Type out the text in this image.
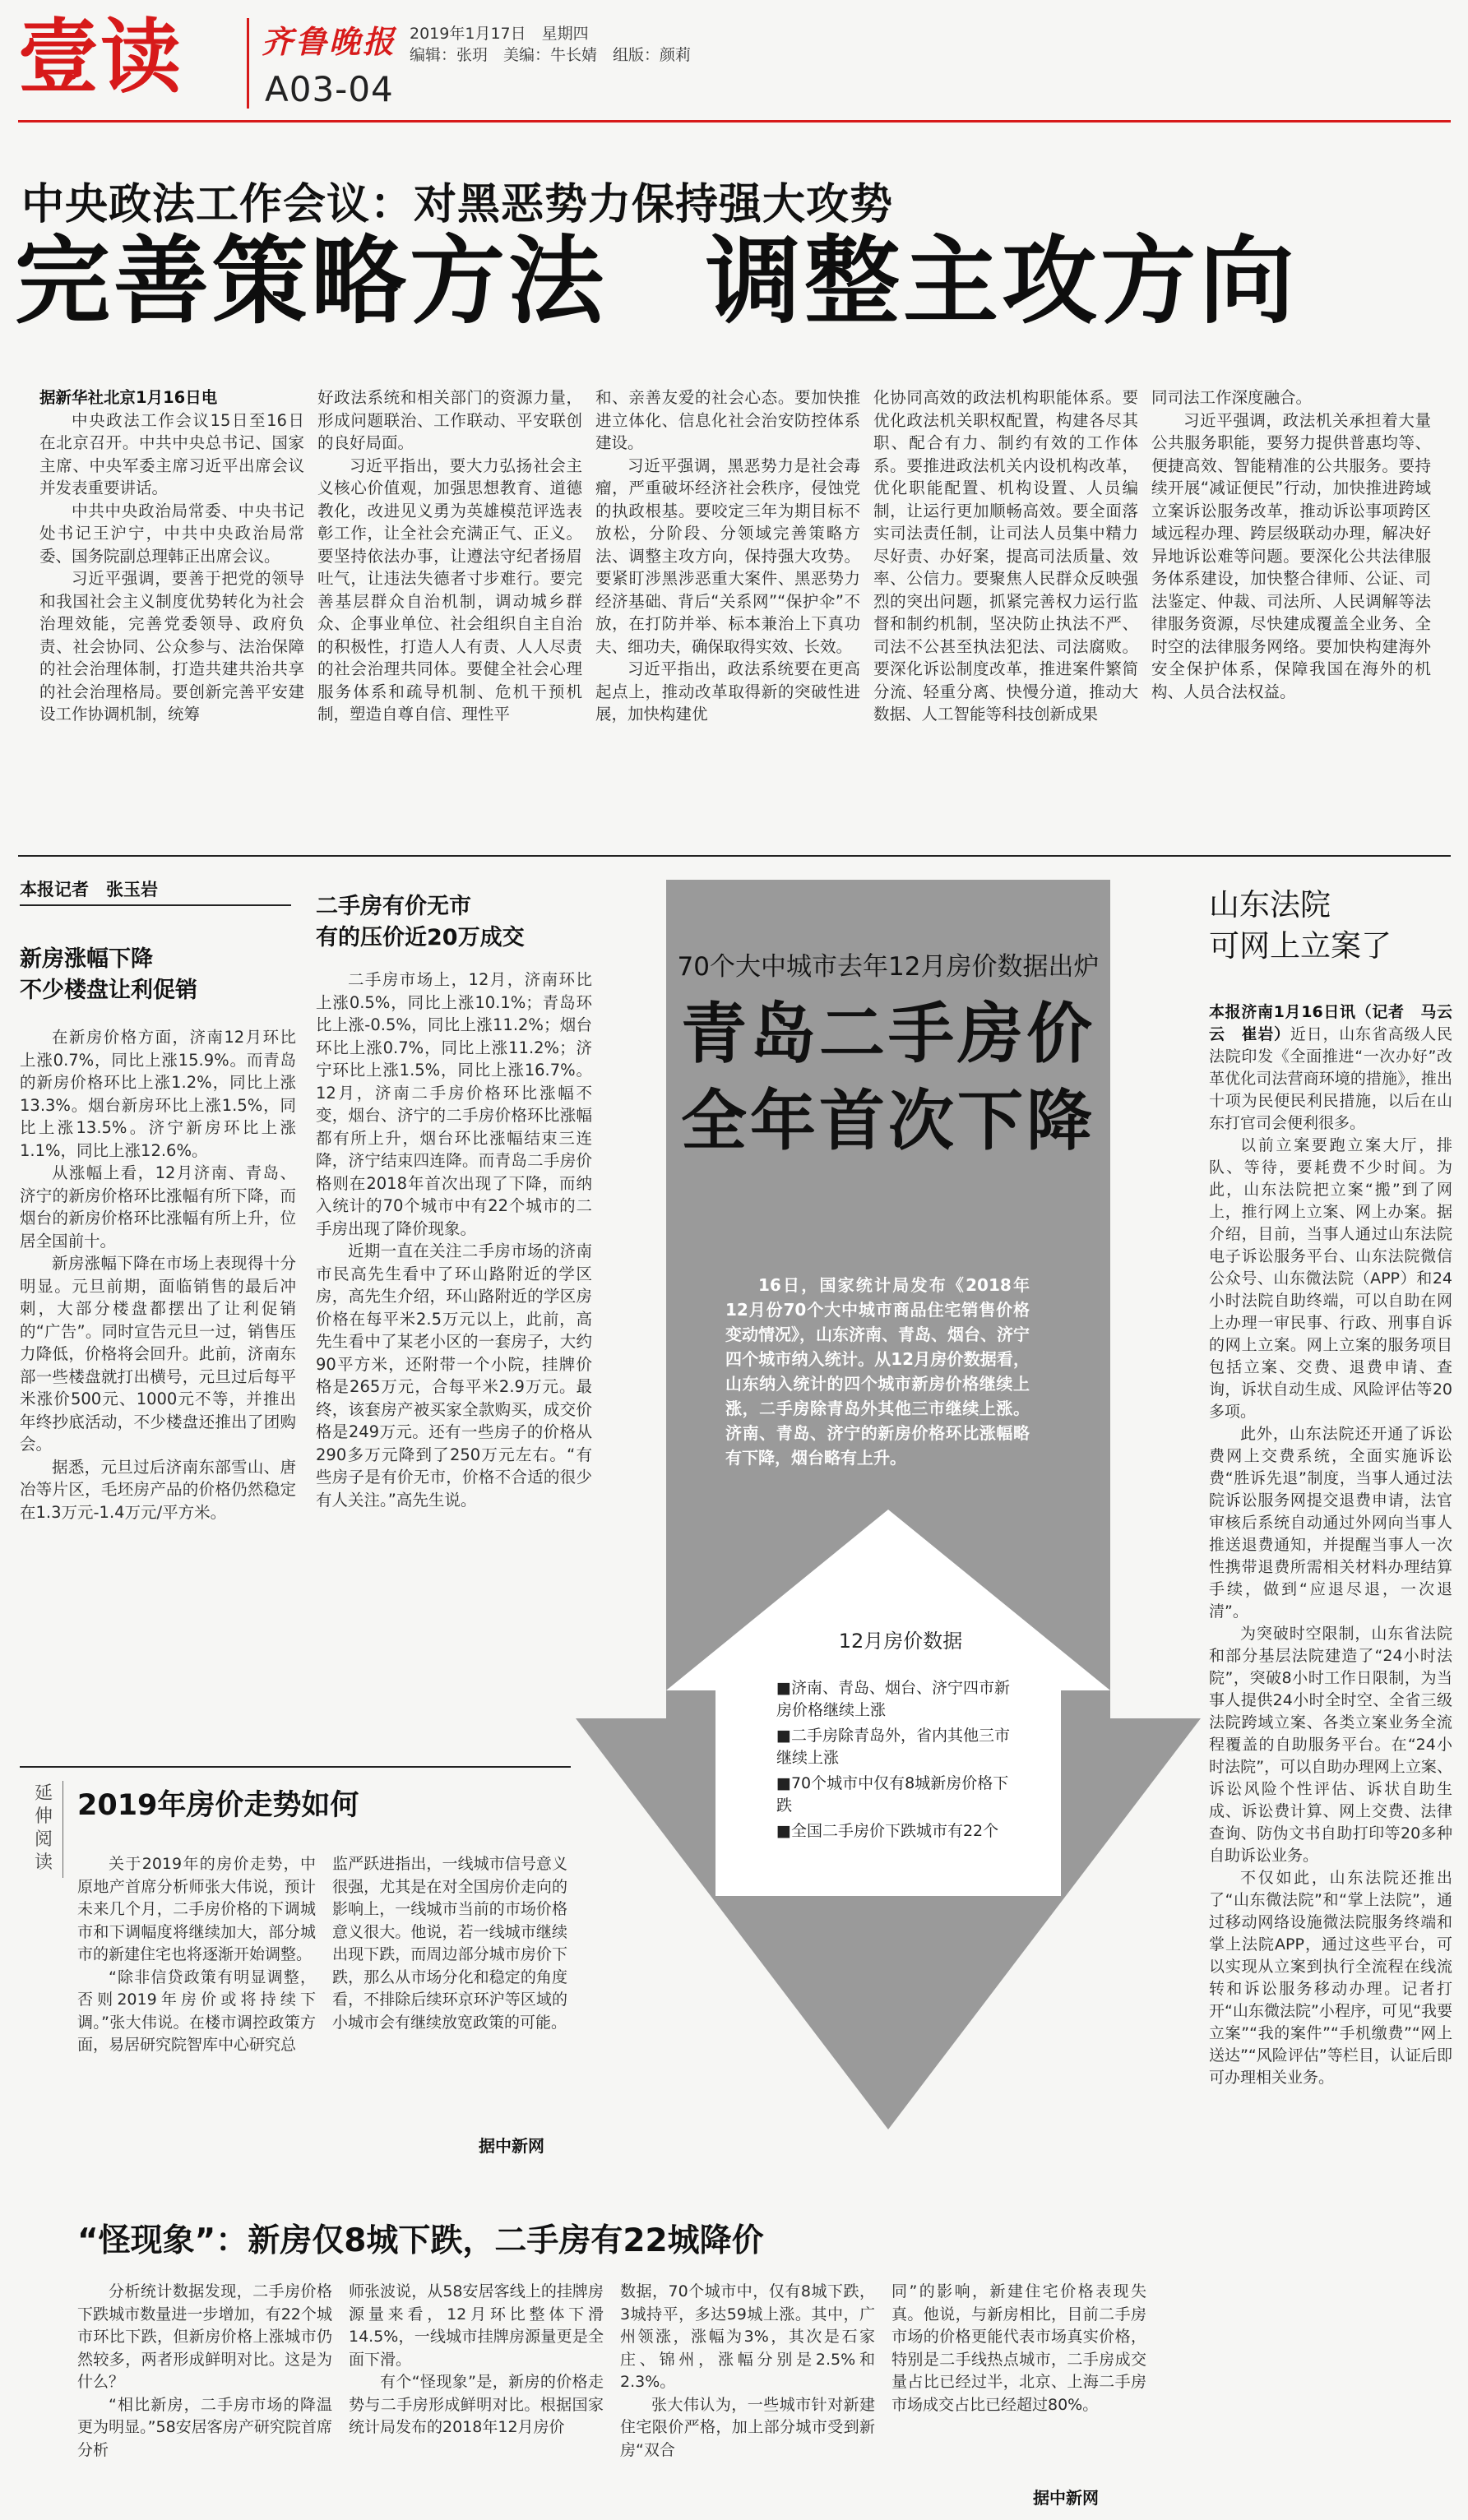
壹读	齐鲁晚报 2019年1月17日　星期四
编辑：张玥　美编：牛长婧　组版：颜莉
A03-04
中央政法工作会议：对黑恶势力保持强大攻势
完善策略方法　调整主攻方向

据新华社北京1月16日电

中央政法工作会议15日至16日在北京召开。中共中央总书记、国家主席、中央军委主席习近平出席会议并发表重要讲话。

中共中央政治局常委、中央书记处书记王沪宁，中共中央政治局常委、国务院副总理韩正出席会议。

习近平强调，要善于把党的领导和我国社会主义制度优势转化为社会治理效能，完善党委领导、政府负责、社会协同、公众参与、法治保障的社会治理体制，打造共建共治共享的社会治理格局。要创新完善平安建设工作协调机制，统筹

好政法系统和相关部门的资源力量，形成问题联治、工作联动、平安联创的良好局面。

习近平指出，要大力弘扬社会主义核心价值观，加强思想教育、道德教化，改进见义勇为英雄模范评选表彰工作，让全社会充满正气、正义。要坚持依法办事，让遵法守纪者扬眉吐气，让违法失德者寸步难行。要完善基层群众自治机制，调动城乡群众、企事业单位、社会组织自主自治的积极性，打造人人有责、人人尽责的社会治理共同体。要健全社会心理服务体系和疏导机制、危机干预机制，塑造自尊自信、理性平

和、亲善友爱的社会心态。要加快推进立体化、信息化社会治安防控体系建设。

习近平强调，黑恶势力是社会毒瘤，严重破坏经济社会秩序，侵蚀党的执政根基。要咬定三年为期目标不放松，分阶段、分领域完善策略方法、调整主攻方向，保持强大攻势。要紧盯涉黑涉恶重大案件、黑恶势力经济基础、背后“关系网”“保护伞”不放，在打防并举、标本兼治上下真功夫、细功夫，确保取得实效、长效。

习近平指出，政法系统要在更高起点上，推动改革取得新的突破性进展，加快构建优

化协同高效的政法机构职能体系。要优化政法机关职权配置，构建各尽其职、配合有力、制约有效的工作体系。要推进政法机关内设机构改革，优化职能配置、机构设置、人员编制，让运行更加顺畅高效。要全面落实司法责任制，让司法人员集中精力尽好责、办好案，提高司法质量、效率、公信力。要聚焦人民群众反映强烈的突出问题，抓紧完善权力运行监督和制约机制，坚决防止执法不严、司法不公甚至执法犯法、司法腐败。要深化诉讼制度改革，推进案件繁简分流、轻重分离、快慢分道，推动大数据、人工智能等科技创新成果

同司法工作深度融合。

习近平强调，政法机关承担着大量公共服务职能，要努力提供普惠均等、便捷高效、智能精准的公共服务。要持续开展“减证便民”行动，加快推进跨域立案诉讼服务改革，推动诉讼事项跨区域远程办理、跨层级联动办理，解决好异地诉讼难等问题。要深化公共法律服务体系建设，加快整合律师、公证、司法鉴定、仲裁、司法所、人民调解等法律服务资源，尽快建成覆盖全业务、全时空的法律服务网络。要加快构建海外安全保护体系，保障我国在海外的机构、人员合法权益。

本报记者　张玉岩
新房涨幅下降
不少楼盘让利促销

在新房价格方面，济南12月环比上涨0.7%，同比上涨15.9%。而青岛的新房价格环比上涨1.2%，同比上涨13.3%。烟台新房环比上涨1.5%，同比上涨13.5%。济宁新房环比上涨1.1%，同比上涨12.6%。

从涨幅上看，12月济南、青岛、济宁的新房价格环比涨幅有所下降，而烟台的新房价格环比涨幅有所上升，位居全国前十。

新房涨幅下降在市场上表现得十分明显。元旦前期，面临销售的最后冲刺，大部分楼盘都摆出了让利促销的“广告”。同时宣告元旦一过，销售压力降低，价格将会回升。此前，济南东部一些楼盘就打出横号，元旦过后每平米涨价500元、1000元不等，并推出年终抄底活动，不少楼盘还推出了团购会。

据悉，元旦过后济南东部雪山、唐冶等片区，毛坯房产品的价格仍然稳定在1.3万元-1.4万元/平方米。

二手房有价无市
有的压价近20万成交

二手房市场上，12月，济南环比上涨0.5%，同比上涨10.1%；青岛环比上涨-0.5%，同比上涨11.2%；烟台环比上涨0.7%，同比上涨11.2%；济宁环比上涨1.5%，同比上涨16.7%。12月，济南二手房价格环比涨幅不变，烟台、济宁的二手房价格环比涨幅都有所上升，烟台环比涨幅结束三连降，济宁结束四连降。而青岛二手房价格则在2018年首次出现了下降，而纳入统计的70个城市中有22个城市的二手房出现了降价现象。

近期一直在关注二手房市场的济南市民高先生看中了环山路附近的学区房，高先生介绍，环山路附近的学区房价格在每平米2.5万元以上，此前，高先生看中了某老小区的一套房子，大约90平方米，还附带一个小院，挂牌价格是265万元，合每平米2.9万元。最终，该套房产被买家全款购买，成交价格是249万元。还有一些房子的价格从290多万元降到了250万元左右。“有些房子是有价无市，价格不合适的很少有人关注。”高先生说。

70个大中城市去年12月房价数据出炉
青岛二手房价
全年首次下降
16日，国家统计局发布《2018年12月份70个大中城市商品住宅销售价格变动情况》，山东济南、青岛、烟台、济宁四个城市纳入统计。从12月房价数据看，山东纳入统计的四个城市新房价格继续上涨，二手房除青岛外其他三市继续上涨。济南、青岛、济宁的新房价格环比涨幅略有下降，烟台略有上升。
12月房价数据
■济南、青岛、烟台、济宁四市新房价格继续上涨
■二手房除青岛外，省内其他三市继续上涨
■70个城市中仅有8城新房价格下跌
■全国二手房价下跌城市有22个
延伸阅读
2019年房价走势如何

关于2019年的房价走势，中原地产首席分析师张大伟说，预计未来几个月，二手房价格的下调城市和下调幅度将继续加大，部分城市的新建住宅也将逐渐开始调整。

“除非信贷政策有明显调整，否则2019年房价或将持续下调。”张大伟说。在楼市调控政策方面，易居研究院智库中心研究总

监严跃进指出，一线城市信号意义很强，尤其是在对全国房价走向的影响上，一线城市当前的市场价格意义很大。他说，若一线城市继续出现下跌，而周边部分城市房价下跌，那么从市场分化和稳定的角度看，不排除后续环京环沪等区域的小城市会有继续放宽政策的可能。

据中新网
“怪现象”：新房仅8城下跌，二手房有22城降价

分析统计数据发现，二手房价格下跌城市数量进一步增加，有22个城市环比下跌，但新房价格上涨城市仍然较多，两者形成鲜明对比。这是为什么？

“相比新房，二手房市场的降温更为明显。”58安居客房产研究院首席分析

师张波说，从58安居客线上的挂牌房源量来看，12月环比整体下滑14.5%，一线城市挂牌房源量更是全面下滑。

有个“怪现象”是，新房的价格走势与二手房形成鲜明对比。根据国家统计局发布的2018年12月房价

数据，70个城市中，仅有8城下跌，3城持平，多达59城上涨。其中，广州领涨，涨幅为3%，其次是石家庄、锦州，涨幅分别是2.5%和2.3%。

张大伟认为，一些城市针对新建住宅限价严格，加上部分城市受到新房“双合

同”的影响，新建住宅价格表现失真。他说，与新房相比，目前二手房市场的价格更能代表市场真实价格，特别是二手线热点城市，二手房成交量占比已经过半，北京、上海二手房市场成交占比已经超过80%。

据中新网
山东法院
可网上立案了

本报济南1月16日讯（记者　马云云　崔岩）近日，山东省高级人民法院印发《全面推进“一次办好”改革优化司法营商环境的措施》，推出十项为民便民利民措施，以后在山东打官司会便利很多。

以前立案要跑立案大厅，排队、等待，要耗费不少时间。为此，山东法院把立案“搬”到了网上，推行网上立案、网上办案。据介绍，目前，当事人通过山东法院电子诉讼服务平台、山东法院微信公众号、山东微法院（APP）和24小时法院自助终端，可以自助在网上办理一审民事、行政、刑事自诉的网上立案。网上立案的服务项目包括立案、交费、退费申请、查询，诉状自动生成、风险评估等20多项。

此外，山东法院还开通了诉讼费网上交费系统，全面实施诉讼费“胜诉先退”制度，当事人通过法院诉讼服务网提交退费申请，法官审核后系统自动通过外网向当事人推送退费通知，并提醒当事人一次性携带退费所需相关材料办理结算手续，做到“应退尽退，一次退清”。

为突破时空限制，山东省法院和部分基层法院建造了“24小时法院”，突破8小时工作日限制，为当事人提供24小时全时空、全省三级法院跨域立案、各类立案业务全流程覆盖的自助服务平台。在“24小时法院”，可以自助办理网上立案、诉讼风险个性评估、诉状自助生成、诉讼费计算、网上交费、法律查询、防伪文书自助打印等20多种自助诉讼业务。

不仅如此，山东法院还推出了“山东微法院”和“掌上法院”，通过移动网络设施微法院服务终端和掌上法院APP，通过这些平台，可以实现从立案到执行全流程在线流转和诉讼服务移动办理。记者打开“山东微法院”小程序，可见“我要立案”“我的案件”“手机缴费”“网上送达”“风险评估”等栏目，认证后即可办理相关业务。
